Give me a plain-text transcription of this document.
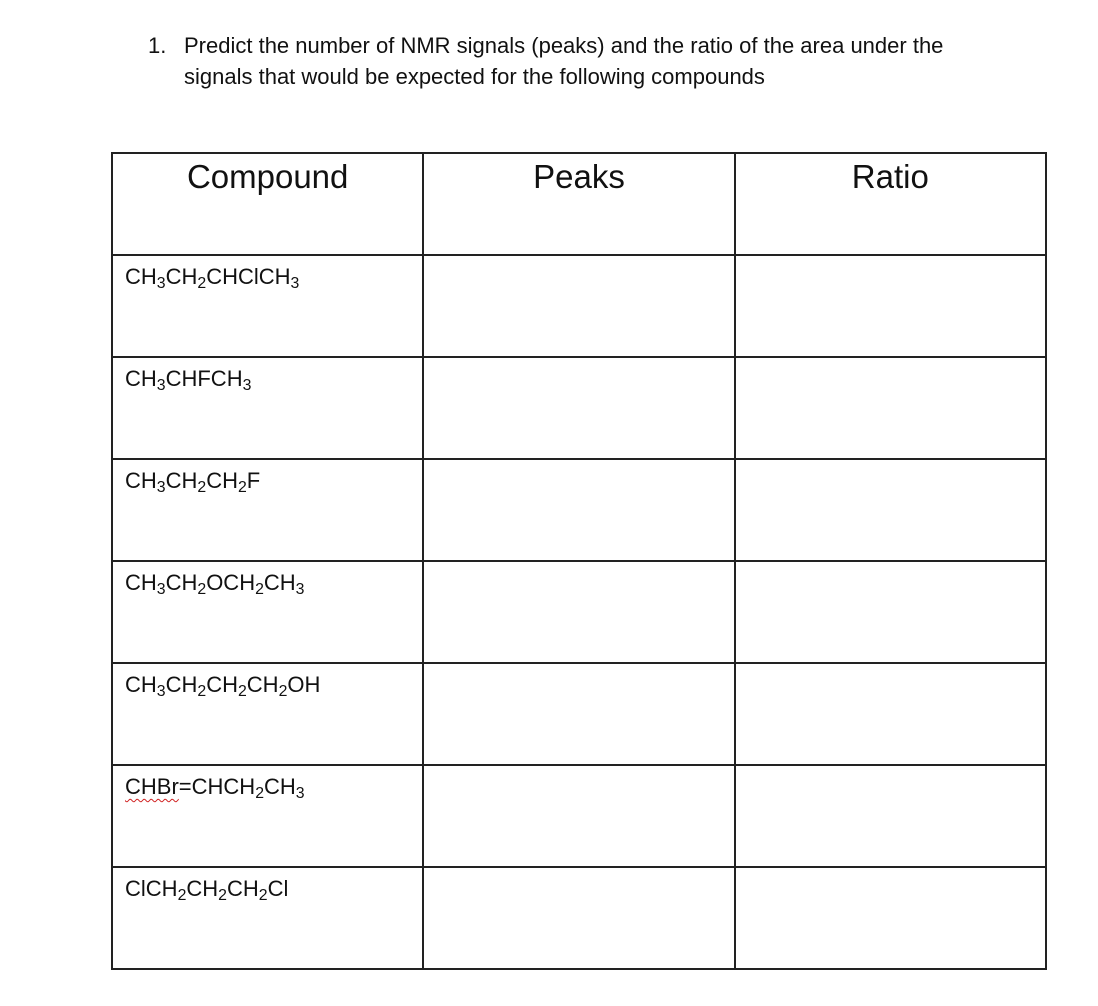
1. Predict the number of NMR signals (peaks) and the ratio of the area under the
signals that would be expected for the following compounds
Compound	Peaks	Ratio
$CH_3CH_2CHClCH_3$		
$CH_3CHFCH_3$		
$CH_3CH_2CH_2F$		
$CH_3CH_2OCH_2CH_3$		
$CH_3CH_2CH_2CH_2OH$		
$CHBr=CHCH_2CH_3$		
$ClCH_2CH_2CH_2Cl$		
